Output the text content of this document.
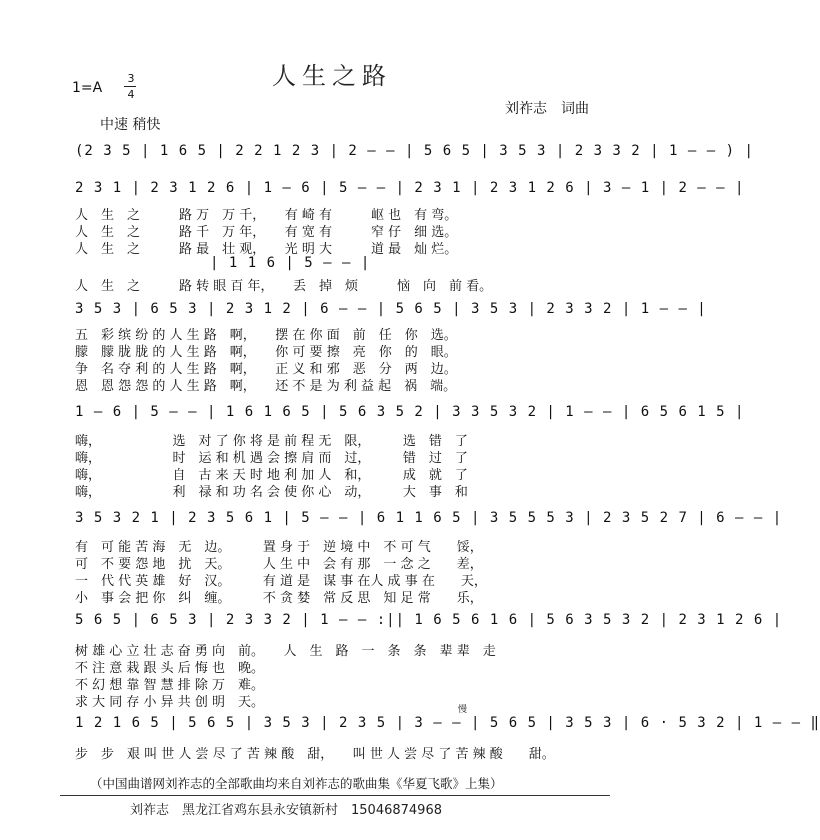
人生之路
1=A
3
4
刘祚志　词曲
中速 稍快
(2 3 5 | 1 6 5 | 2 2 1 2 3 | 2 — — | 5 6 5 | 3 5 3 | 2 3 3 2 | 1 — — ) |
2 3 1 | 2 3 1 2 6 | 1 — 6 | 5 — — | 2 3 1 | 2 3 1 2 6 | 3 — 1 | 2 — — |
人　生　之　　　路 万　万 千，　　有 崎 有　　　岖 也　有 弯。
人　生　之　　　路 千　万 年，　　有 宽 有　　　窄 仔　细 选。
人　生　之　　　路 最　壮 观，　　光 明 大　　　道 最　灿 烂。
| 1 1 6 | 5 — — |
人　生　之　　　路 转 眼 百 年，　　丢　掉　烦　　　恼　向　前 看。
3 5 3 | 6 5 3 | 2 3 1 2 | 6 — — | 5 6 5 | 3 5 3 | 2 3 3 2 | 1 — — |
五　彩 缤 纷 的 人 生 路　啊，　　摆 在 你 面　前　任　你　选。
朦　朦 胧 胧 的 人 生 路　啊，　　你 可 要 擦　亮　你　的　眼。
争　名 夺 利 的 人 生 路　啊，　　正 义 和 邪　恶　分　两　边。
恩　恩 怨 怨 的 人 生 路　啊，　　还 不 是 为 利 益 起　祸　端。
1 — 6 | 5 — — | 1 6 1 6 5 | 5 6 3 5 2 | 3 3 5 3 2 | 1 — — | 6 5 6 1 5 |
嗨，　　　　　　选　对 了 你 将 是 前 程 无　限，　　　选　错　了
嗨，　　　　　　时　运 和 机 遇 会 擦 肩 而　过，　　　错　过　了
嗨，　　　　　　自　古 来 天 时 地 利 加 人　和，　　　成　就　了
嗨，　　　　　　利　禄 和 功 名 会 使 你 心　动，　　　大　事　和
3 5 3 2 1 | 2 3 5 6 1 | 5 — — | 6 1 1 6 5 | 3 5 5 5 3 | 2 3 5 2 7 | 6 — — |
有　可 能 苦 海　无　边。　　　置 身 于　逆 境 中　不 可 气　　馁，
可　不 要 怨 地　扰　天。　　　人 生 中　会 有 那　一 念 之　　差，
一　代 代 英 雄　好　汉。　　　有 道 是　谋 事 在人 成 事 在　　天，
小　事 会 把 你　纠　缠。　　　不 贪 婪　常 反 思　知 足 常　　乐，
5 6 5 | 6 5 3 | 2 3 3 2 | 1 — — :|| 1 6 5 6 1 6 | 5 6 3 5 3 2 | 2 3 1 2 6 |
树 雄 心 立 壮 志 奋 勇 向　前。　　人　生　路　一　条　条　辈 辈　走
不 注 意 栽 跟 头 后 悔 也　晚。
不 幻 想 靠 智 慧 排 除 万　难。
求 大 同 存 小 异 共 创 明　天。	慢
1 2 1 6 5 | 5 6 5 | 3 5 3 | 2 3 5 | 3 — — | 5 6 5 | 3 5 3 | 6 · 5 3 2 | 1 — — ‖
步　步　艰 叫 世 人 尝 尽 了 苦 辣 酸　甜，　　叫 世 人 尝 尽 了 苦 辣 酸　　甜。
（中国曲谱网刘祚志的全部歌曲均来自刘祚志的歌曲集《华夏飞歌》上集）
刘祚志　黑龙江省鸡东县永安镇新村　15046874968
